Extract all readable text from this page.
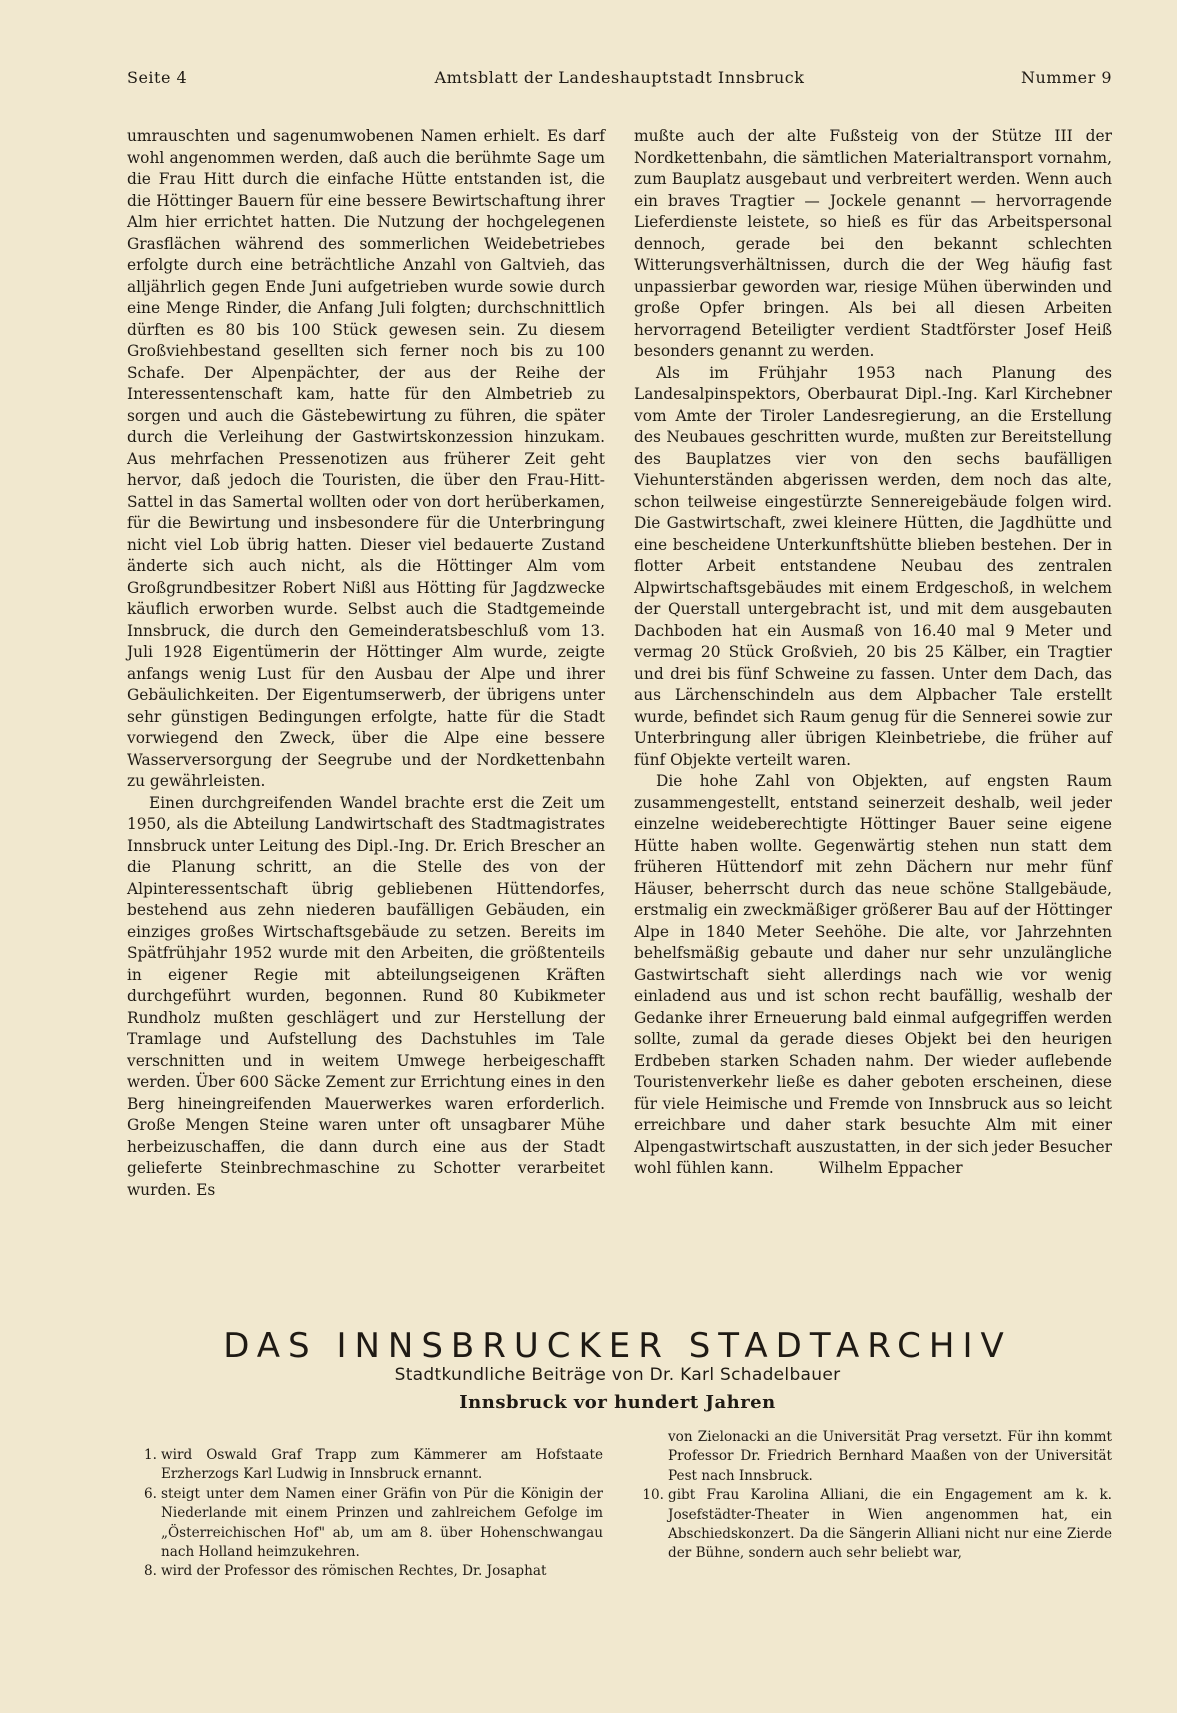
Seite 4	Amtsblatt der Landeshauptstadt Innsbruck	Nummer 9

umrauschten und sagenumwobenen Namen erhielt. Es darf wohl angenommen werden, daß auch die berühmte Sage um die Frau Hitt durch die einfache Hütte entstanden ist, die die Höttinger Bauern für eine bessere Bewirtschaftung ihrer Alm hier errichtet hatten. Die Nutzung der hochgelegenen Grasflächen während des sommerlichen Weidebetriebes erfolgte durch eine beträchtliche Anzahl von Galtvieh, das alljährlich gegen Ende Juni aufgetrieben wurde sowie durch eine Menge Rinder, die Anfang Juli folgten; durchschnittlich dürften es 80 bis 100 Stück gewesen sein. Zu diesem Großviehbestand gesellten sich ferner noch bis zu 100 Schafe. Der Alpenpächter, der aus der Reihe der Interessentenschaft kam, hatte für den Almbetrieb zu sorgen und auch die Gästebewirtung zu führen, die später durch die Verleihung der Gastwirtskonzession hinzukam. Aus mehrfachen Pressenotizen aus früherer Zeit geht hervor, daß jedoch die Touristen, die über den Frau-Hitt-Sattel in das Samertal wollten oder von dort herüberkamen, für die Bewirtung und insbesondere für die Unterbringung nicht viel Lob übrig hatten. Dieser viel bedauerte Zustand änderte sich auch nicht, als die Höttinger Alm vom Großgrundbesitzer Robert Nißl aus Hötting für Jagdzwecke käuflich erworben wurde. Selbst auch die Stadtgemeinde Innsbruck, die durch den Gemeinderatsbeschluß vom 13. Juli 1928 Eigentümerin der Höttinger Alm wurde, zeigte anfangs wenig Lust für den Ausbau der Alpe und ihrer Gebäulichkeiten. Der Eigentumserwerb, der übrigens unter sehr günstigen Bedingungen erfolgte, hatte für die Stadt vorwiegend den Zweck, über die Alpe eine bessere Wasserversorgung der Seegrube und der Nordkettenbahn zu gewährleisten.

Einen durchgreifenden Wandel brachte erst die Zeit um 1950, als die Abteilung Landwirtschaft des Stadtmagistrates Innsbruck unter Leitung des Dipl.-Ing. Dr. Erich Brescher an die Planung schritt, an die Stelle des von der Alpinteressentschaft übrig gebliebenen Hüttendorfes, bestehend aus zehn niederen baufälligen Gebäuden, ein einziges großes Wirtschaftsgebäude zu setzen. Bereits im Spätfrühjahr 1952 wurde mit den Arbeiten, die größtenteils in eigener Regie mit abteilungseigenen Kräften durchgeführt wurden, begonnen. Rund 80 Kubikmeter Rundholz mußten geschlägert und zur Herstellung der Tramlage und Aufstellung des Dachstuhles im Tale verschnitten und in weitem Umwege herbeigeschafft werden. Über 600 Säcke Zement zur Errichtung eines in den Berg hineingreifenden Mauerwerkes waren erforderlich. Große Mengen Steine waren unter oft unsagbarer Mühe herbeizuschaffen, die dann durch eine aus der Stadt gelieferte Steinbrechmaschine zu Schotter verarbeitet wurden. Es

mußte auch der alte Fußsteig von der Stütze III der Nordkettenbahn, die sämtlichen Materialtransport vornahm, zum Bauplatz ausgebaut und verbreitert werden. Wenn auch ein braves Tragtier — Jockele genannt — hervorragende Lieferdienste leistete, so hieß es für das Arbeitspersonal dennoch, gerade bei den bekannt schlechten Witterungsverhältnissen, durch die der Weg häufig fast unpassierbar geworden war, riesige Mühen überwinden und große Opfer bringen. Als bei all diesen Arbeiten hervorragend Beteiligter verdient Stadtförster Josef Heiß besonders genannt zu werden.

Als im Frühjahr 1953 nach Planung des Landesalpinspektors, Oberbaurat Dipl.-Ing. Karl Kirchebner vom Amte der Tiroler Landesregierung, an die Erstellung des Neubaues geschritten wurde, mußten zur Bereitstellung des Bauplatzes vier von den sechs baufälligen Viehunterständen abgerissen werden, dem noch das alte, schon teilweise eingestürzte Sennereigebäude folgen wird. Die Gastwirtschaft, zwei kleinere Hütten, die Jagdhütte und eine bescheidene Unterkunftshütte blieben bestehen. Der in flotter Arbeit entstandene Neubau des zentralen Alpwirtschaftsgebäudes mit einem Erdgeschoß, in welchem der Querstall untergebracht ist, und mit dem ausgebauten Dachboden hat ein Ausmaß von 16.40 mal 9 Meter und vermag 20 Stück Großvieh, 20 bis 25 Kälber, ein Tragtier und drei bis fünf Schweine zu fassen. Unter dem Dach, das aus Lärchenschindeln aus dem Alpbacher Tale erstellt wurde, befindet sich Raum genug für die Sennerei sowie zur Unterbringung aller übrigen Kleinbetriebe, die früher auf fünf Objekte verteilt waren.

Die hohe Zahl von Objekten, auf engsten Raum zusammengestellt, entstand seinerzeit deshalb, weil jeder einzelne weideberechtigte Höttinger Bauer seine eigene Hütte haben wollte. Gegenwärtig stehen nun statt dem früheren Hüttendorf mit zehn Dächern nur mehr fünf Häuser, beherrscht durch das neue schöne Stallgebäude, erstmalig ein zweckmäßiger größerer Bau auf der Höttinger Alpe in 1840 Meter Seehöhe. Die alte, vor Jahrzehnten behelfsmäßig gebaute und daher nur sehr unzulängliche Gastwirtschaft sieht allerdings nach wie vor wenig einladend aus und ist schon recht baufällig, weshalb der Gedanke ihrer Erneuerung bald einmal aufgegriffen werden sollte, zumal da gerade dieses Objekt bei den heurigen Erdbeben starken Schaden nahm. Der wieder auflebende Touristenverkehr ließe es daher geboten erscheinen, diese für viele Heimische und Fremde von Innsbruck aus so leicht erreichbare und daher stark besuchte Alm mit einer Alpengastwirtschaft auszustatten, in der sich jeder Besucher wohl fühlen kann.	Wilhelm Eppacher

DAS INNSBRUCKER STADTARCHIV
Stadtkundliche Beiträge von Dr. Karl Schadelbauer
Innsbruck vor hundert Jahren
1. wird Oswald Graf Trapp zum Kämmerer am Hofstaate Erzherzogs Karl Ludwig in Innsbruck ernannt.
6. steigt unter dem Namen einer Gräfin von Pür die Königin der Niederlande mit einem Prinzen und zahlreichem Gefolge im „Österreichischen Hof" ab, um am 8. über Hohenschwangau nach Holland heimzukehren.
8. wird der Professor des römischen Rechtes, Dr. Josaphat
von Zielonacki an die Universität Prag versetzt. Für ihn kommt Professor Dr. Friedrich Bernhard Maaßen von der Universität Pest nach Innsbruck.
10. gibt Frau Karolina Alliani, die ein Engagement am k. k. Josefstädter-Theater in Wien angenommen hat, ein Abschiedskonzert. Da die Sängerin Alliani nicht nur eine Zierde der Bühne, sondern auch sehr beliebt war,
